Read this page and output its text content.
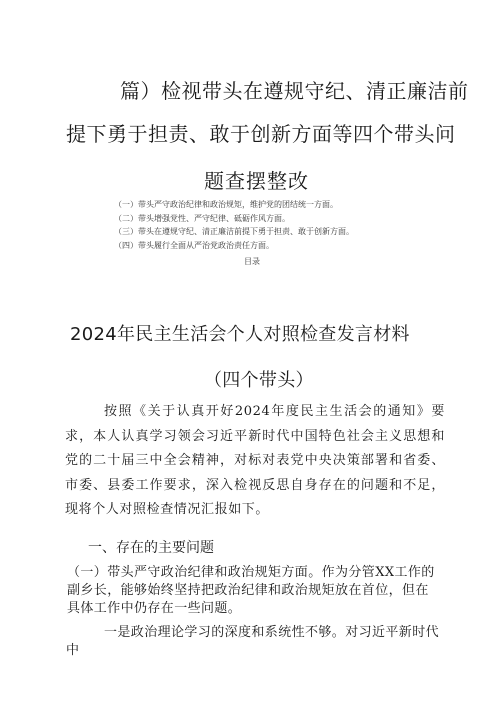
篇）检视带头在遵规守纪、清正廉洁前
提下勇于担责、敢于创新方面等四个带头问
题查摆整改
（一）带头严守政治纪律和政治规矩，维护党的团结统一方面。
（二）带头增强党性、严守纪律、砥砺作风方面。
（三）带头在遵规守纪、清正廉洁前提下勇于担责、敢于创新方面。
（四）带头履行全面从严治党政治责任方面。
目录
2024年民主生活会个人对照检查发言材料
（四个带头）
按照《关于认真开好2024年度民主生活会的通知》要求，本人认真学习领会习近平新时代中国特色社会主义思想和党的二十届三中全会精神，对标对表党中央决策部署和省委、市委、县委工作要求，深入检视反思自身存在的问题和不足，现将个人对照检查情况汇报如下。
一、存在的主要问题
（一）带头严守政治纪律和政治规矩方面。作为分管XX工作的副乡长，能够始终坚持把政治纪律和政治规矩放在首位，但在具体工作中仍存在一些问题。
一是政治理论学习的深度和系统性不够。对习近平新时代中
